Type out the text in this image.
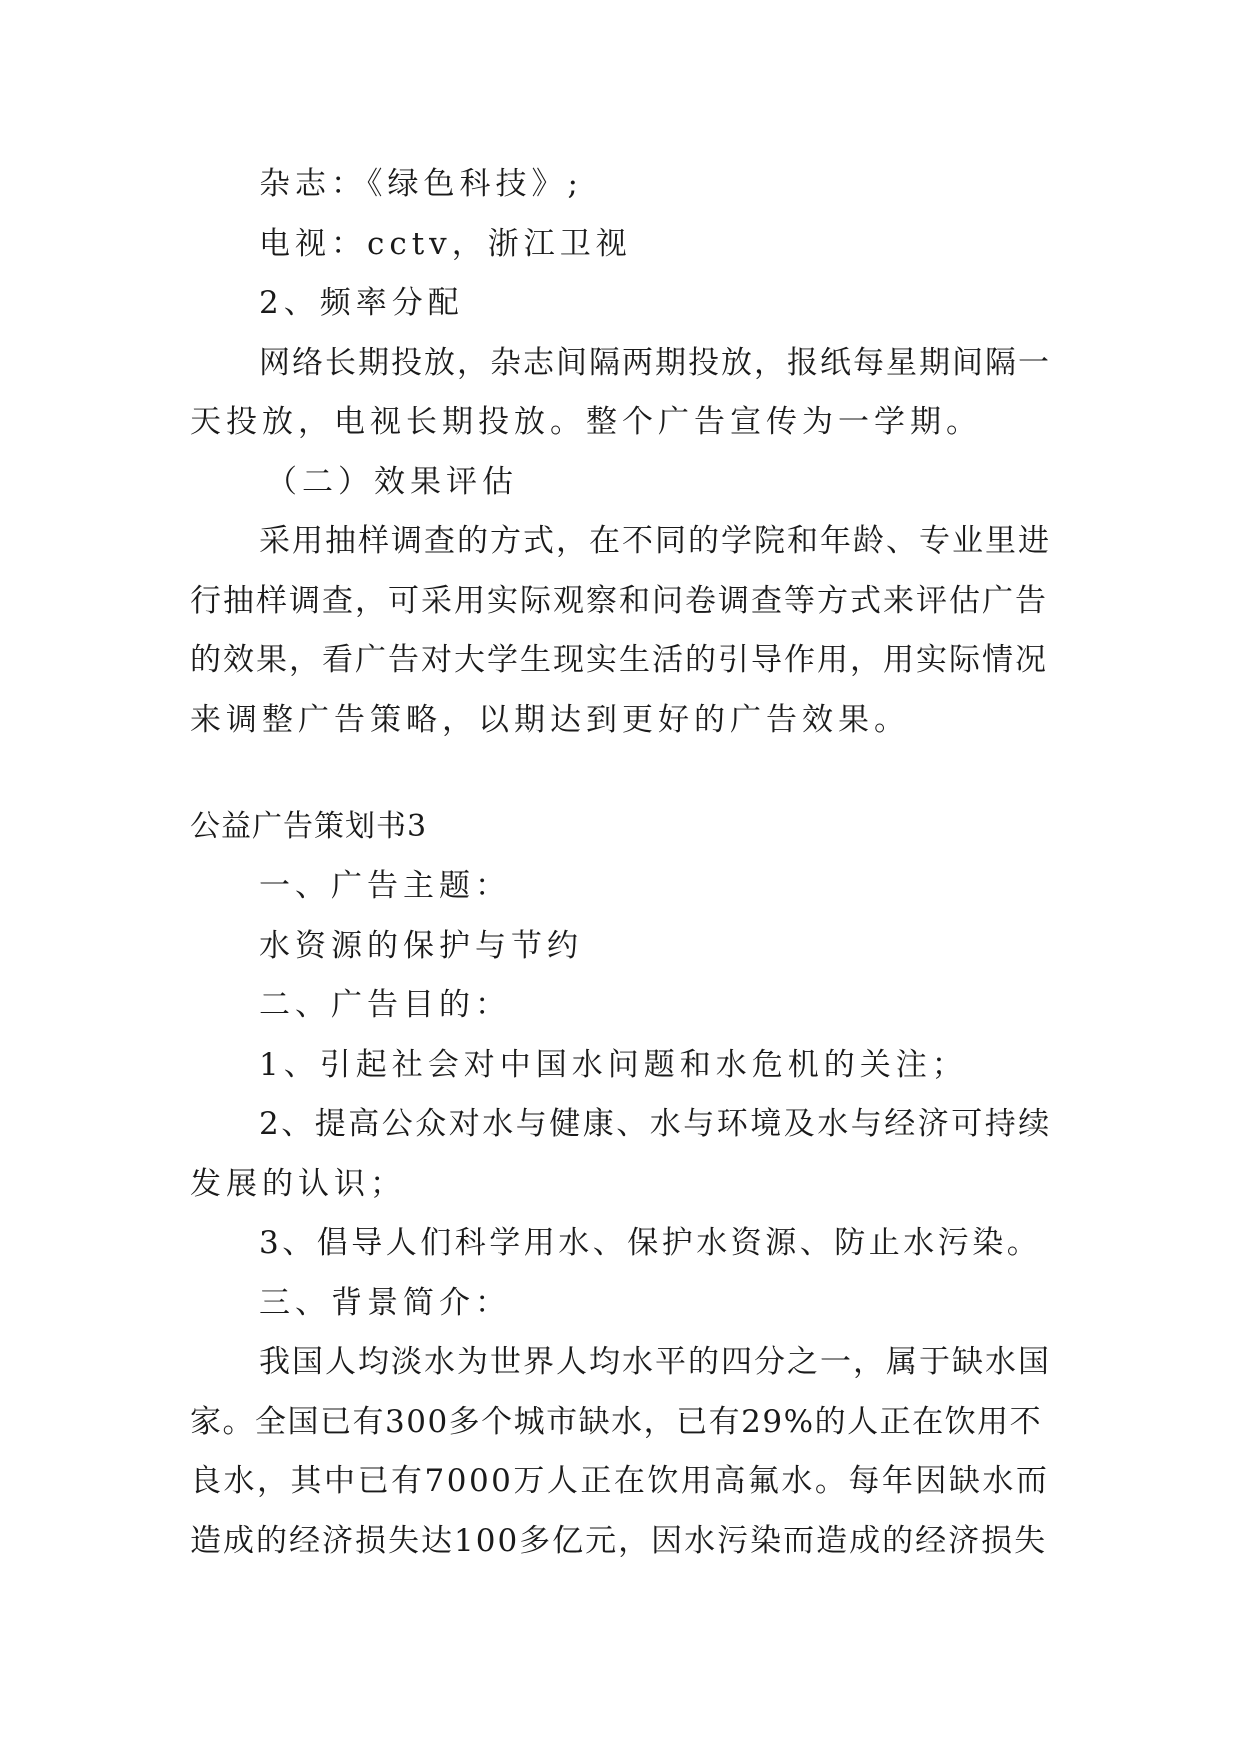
杂志：《绿色科技》;
电视：cctv，浙江卫视
2、频率分配
网络长期投放，杂志间隔两期投放，报纸每星期间隔一
天投放，电视长期投放。整个广告宣传为一学期。
（二）效果评估
采用抽样调查的方式，在不同的学院和年龄、专业里进
行抽样调查，可采用实际观察和问卷调查等方式来评估广告
的效果，看广告对大学生现实生活的引导作用，用实际情况
来调整广告策略，以期达到更好的广告效果。
公益广告策划书3
一、广告主题：
水资源的保护与节约
二、广告目的：
1、引起社会对中国水问题和水危机的关注；
2、提高公众对水与健康、水与环境及水与经济可持续
发展的认识；
3、倡导人们科学用水、保护水资源、防止水污染。
三、背景简介：
我国人均淡水为世界人均水平的四分之一，属于缺水国
家。全国已有300多个城市缺水，已有29%的人正在饮用不
良水，其中已有7000万人正在饮用高氟水。每年因缺水而
造成的经济损失达100多亿元，因水污染而造成的经济损失
